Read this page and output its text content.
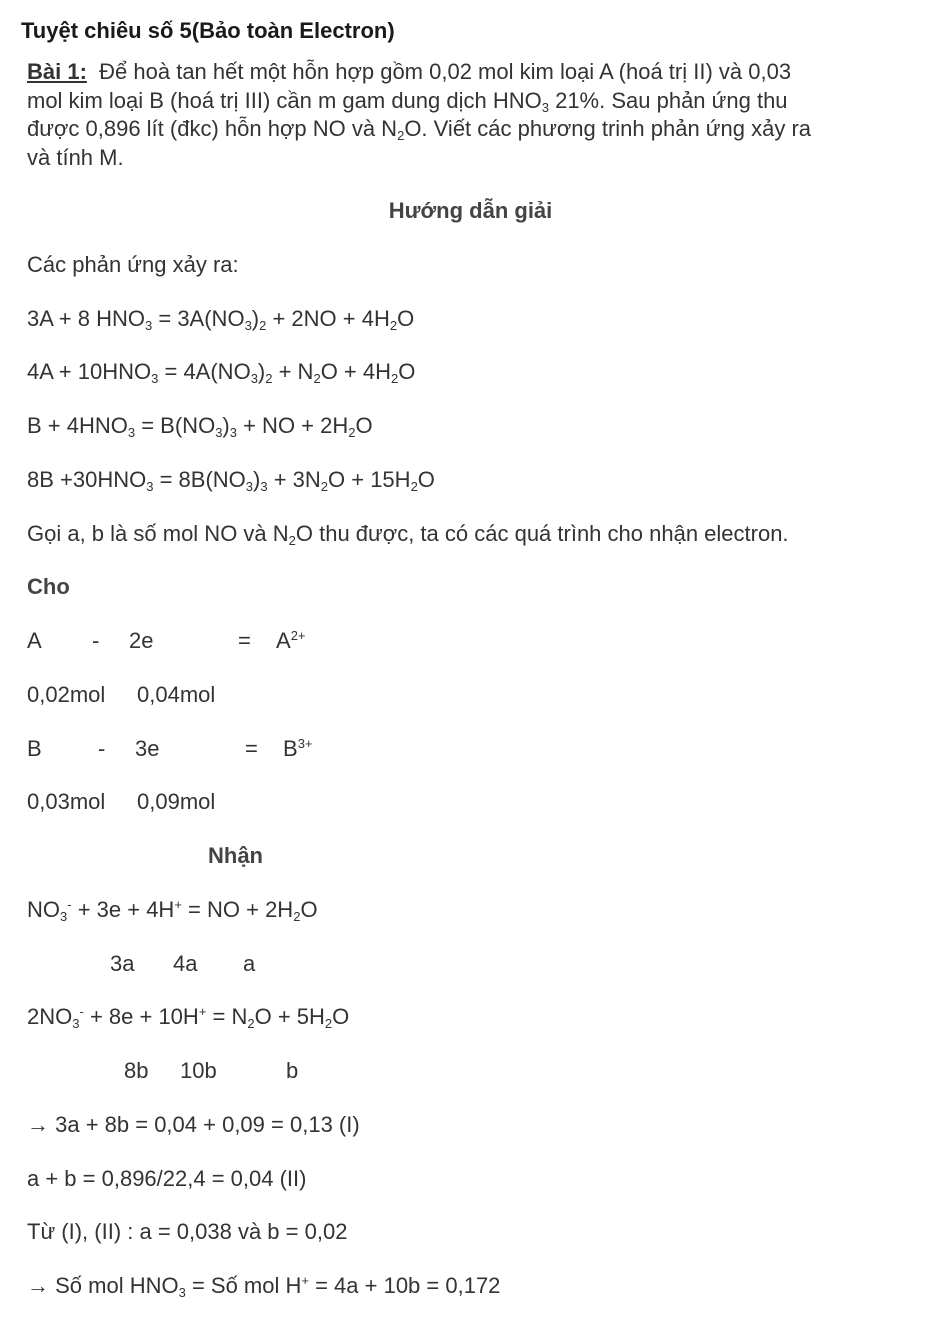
Tuyệt chiêu số 5(Bảo toàn Electron)
Bài 1: Để hoà tan hết một hỗn hợp gồm 0,02 mol kim loại A (hoá trị II) và 0,03
mol kim loại B (hoá trị III) cần m gam dung dịch $HNO_3$ 21%. Sau phản ứng thu
được 0,896 lít (đkc) hỗn hợp NO và $N_2O$. Viết các phương trinh phản ứng xảy ra
và tính M.
Hướng dẫn giải
Các phản ứng xảy ra:
3A + 8 $HNO_3 = 3A(NO_3)_2 + 2NO + 4H_2O$
$4A + 10HNO_3 = 4A(NO_3)_2 + N_2O + 4H_2O$
$B + 4HNO_3 = B(NO_3)_3$ + NO + $2H_2O$
$8B +30HNO_3 = 8B(NO_3)_3 + 3N_2O + 15H_2O$
Gọi a, b là số mol NO và $N_2O$ thu được, ta có các quá trình cho nhận electron.
Cho
A - 2e	= $A^{2+}$
0,02mol 0,04mol
B	- 3e	= $B^{3+}$
0,03mol 0,09mol
Nhận
$NO_3^- + 3e + 4H^+$ = NO + $2H_2O$
3a 4a a
$2NO_3^- + 8e + 10H^+ = N_2O + 5H_2O$
8b 10b	b
→ 3a + 8b = 0,04 + 0,09 = 0,13 (I)
a + b = 0,896/22,4 = 0,04 (II)
Từ (I), (II) : a = 0,038 và b = 0,02
→ Số mol $HNO_3$ = Số mol H+ = 4a + 10b = 0,172
